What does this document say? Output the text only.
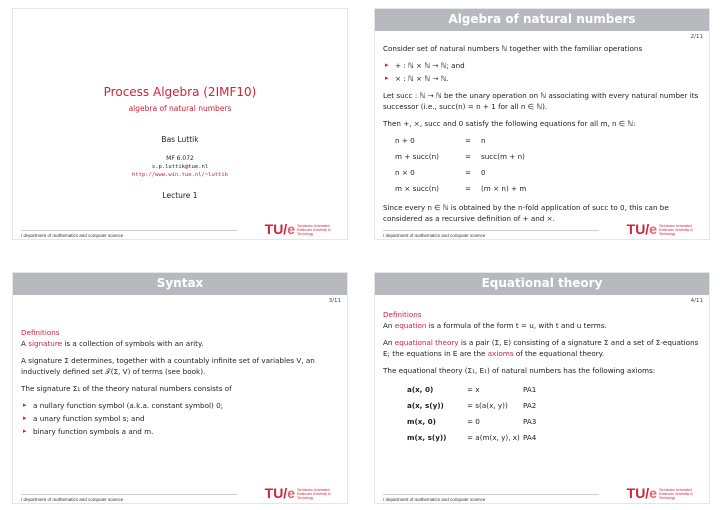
Process Algebra (2IMF10)
algebra of natural numbers
Bas Luttik
MF 6.072
s.p.luttik@tue.nl
http://www.win.tue.nl/~luttik
Lecture 1
/ department of mathematics and computer science	TU/e Technische Universiteit Eindhoven University of Technology
Algebra of natural numbers
2/11

Consider set of natural numbers ℕ together with the familiar operations

▸ + : ℕ × ℕ → ℕ; and
▸ × : ℕ × ℕ → ℕ.

Let succ : ℕ → ℕ be the unary operation on ℕ associating with every natural number its successor (i.e., succ(n) = n + 1 for all n ∈ ℕ).

Then +, ×, succ and 0 satisfy the following equations for all m, n ∈ ℕ:

n + 0	=	n
m + succ(n)	=	succ(m + n)
n × 0	=	0
m × succ(n)	=	(m × n) + m

Since every n ∈ ℕ is obtained by the n-fold application of succ to 0, this can be considered as a recursive definition of + and ×.

/ department of mathematics and computer science	TU/e Technische Universiteit Eindhoven University of Technology
Syntax
3/11
Definitions

A signature is a collection of symbols with an arity.

A signature Σ determines, together with a countably infinite set of variables V, an inductively defined set 𝒯(Σ, V) of terms (see book).

The signature Σ₁ of the theory natural numbers consists of

▸ a nullary function symbol (a.k.a. constant symbol) 0;
▸ a unary function symbol s; and
▸ binary function symbols a and m.
/ department of mathematics and computer science	TU/e Technische Universiteit Eindhoven University of Technology
Equational theory
4/11
Definitions

An equation is a formula of the form t = u, with t and u terms.

An equational theory is a pair (Σ, E) consisting of a signature Σ and a set of Σ-equations E; the equations in E are the axioms of the equational theory.

The equational theory (Σ₁, E₁) of natural numbers has the following axioms:

a(x, 0)	= x	PA1
a(x, s(y))	= s(a(x, y))	PA2
m(x, 0)	= 0	PA3
m(x, s(y))	= a(m(x, y), x) PA4
/ department of mathematics and computer science	TU/e Technische Universiteit Eindhoven University of Technology
